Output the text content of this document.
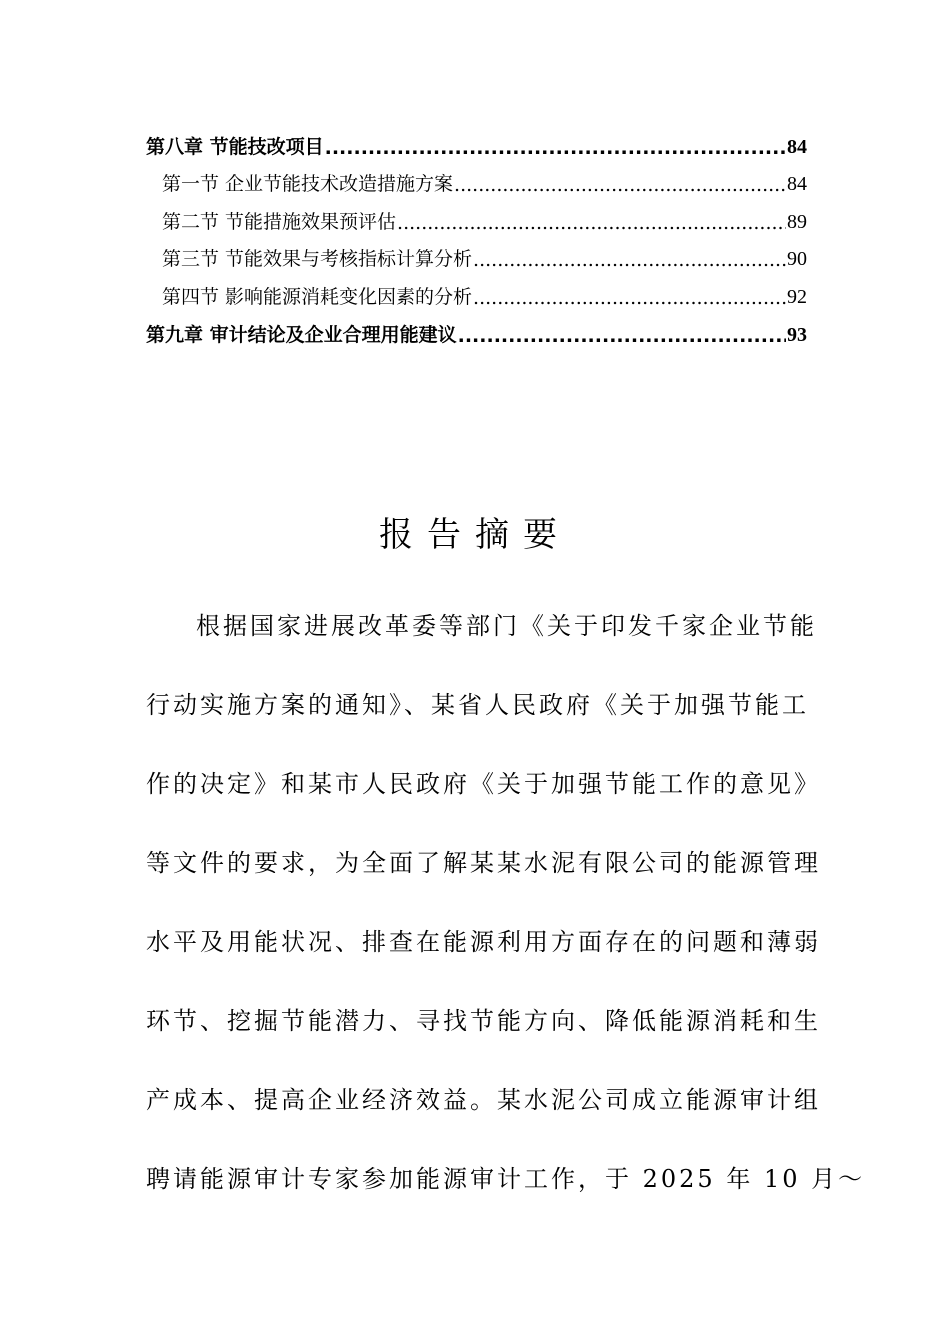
第八章 节能技改项目 .....	84
第一节 企业节能技术改造措施方案 .....	84
第二节 节能措施效果预评估 .....	89
第三节 节能效果与考核指标计算分析 .....	90
第四节 影响能源消耗变化因素的分析 .....	92
第九章 审计结论及企业合理用能建议 .....	93
报告摘要
根据国家进展改革委等部门《关于印发千家企业节能
行动实施方案的通知》、某省人民政府《关于加强节能工
作的决定》和某市人民政府《关于加强节能工作的意见》
等文件的要求，为全面了解某某水泥有限公司的能源管理
水平及用能状况、排查在能源利用方面存在的问题和薄弱
环节、挖掘节能潜力、寻找节能方向、降低能源消耗和生
产成本、提高企业经济效益。某水泥公司成立能源审计组
聘请能源审计专家参加能源审计工作，于 2025 年 10 月～
